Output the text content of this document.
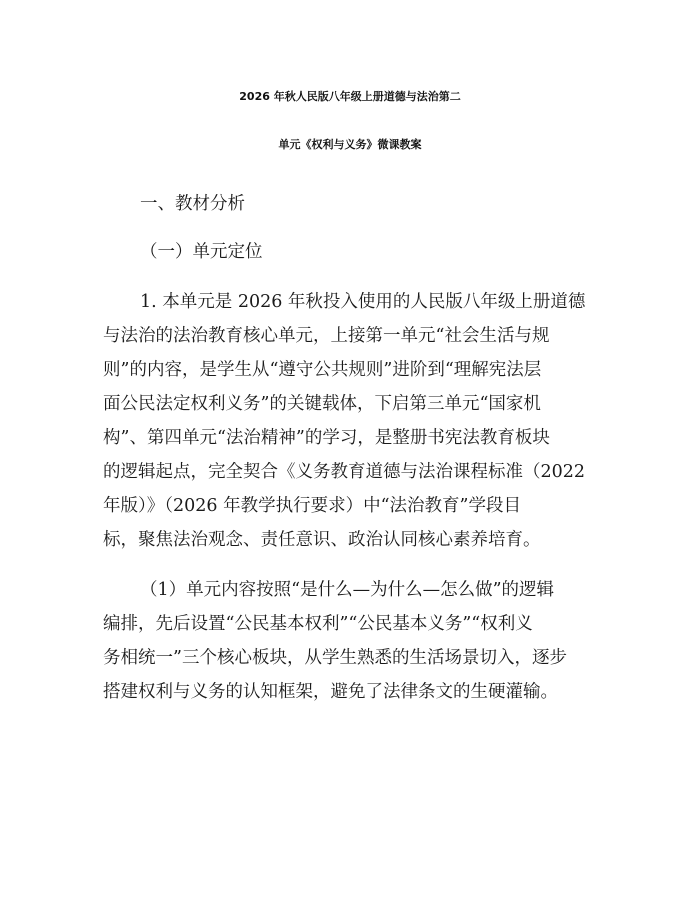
2026 年秋人民版八年级上册道德与法治第二
单元《权利与义务》微课教案
一、教材分析
（一）单元定位
1. 本单元是 2026 年秋投入使用的人民版八年级上册道德
与法治的法治教育核心单元，上接第一单元“社会生活与规
则”的内容，是学生从“遵守公共规则”进阶到“理解宪法层
面公民法定权利义务”的关键载体，下启第三单元“国家机
构”、第四单元“法治精神”的学习，是整册书宪法教育板块
的逻辑起点，完全契合《义务教育道德与法治课程标准（2022
年版）》（2026 年教学执行要求）中“法治教育”学段目
标，聚焦法治观念、责任意识、政治认同核心素养培育。
（1）单元内容按照“是什么—为什么—怎么做”的逻辑
编排，先后设置“公民基本权利”“公民基本义务”“权利义
务相统一”三个核心板块，从学生熟悉的生活场景切入，逐步
搭建权利与义务的认知框架，避免了法律条文的生硬灌输。
